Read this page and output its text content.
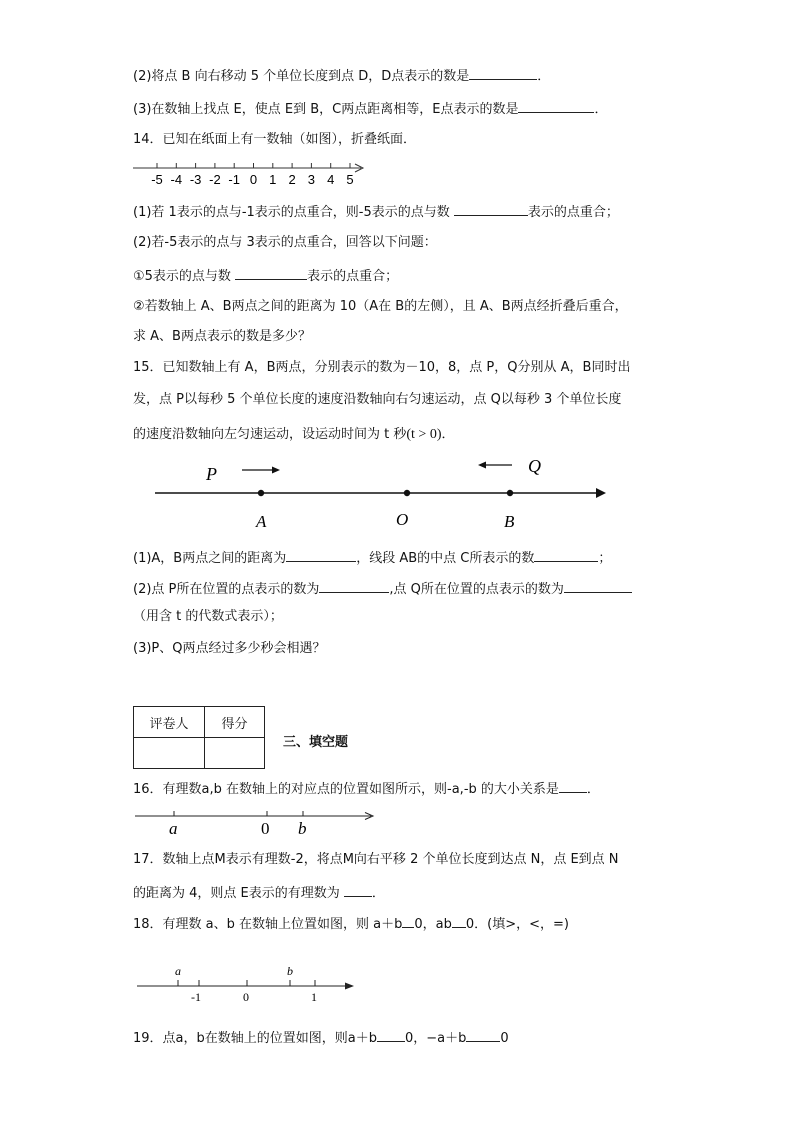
(2)将点 B 向右移动 5 个单位长度到点 D，D点表示的数是	．
(3)在数轴上找点 E，使点 E到 B，C两点距离相等，E点表示的数是	．
14．已知在纸面上有一数轴（如图），折叠纸面．
-5 -4 -3 -2 -1 0 1 2 3 4 5
(1)若 1表示的点与-1表示的点重合，则-5表示的点与数	表示的点重合；
(2)若-5表示的点与 3表示的点重合，回答以下问题：
①5表示的点与数	表示的点重合；
②若数轴上 A、B两点之间的距离为 10（A在 B的左侧），且 A、B两点经折叠后重合，
求 A、B两点表示的数是多少？
15．已知数轴上有 A，B两点，分别表示的数为－10，8，点 P，Q分别从 A，B同时出
发，点 P以每秒 5 个单位长度的速度沿数轴向右匀速运动，点 Q以每秒 3 个单位长度
的速度沿数轴向左匀速运动，设运动时间为 t 秒(t > 0)．
P	Q
A	O	B
(1)A，B两点之间的距离为	，线段 AB的中点 C所表示的数	；
(2)点 P所在位置的点表示的数为	,点 Q所在位置的点表示的数为
（用含 t 的代数式表示）；
(3)P、Q两点经过多少秒会相遇？
评卷人	得分

三、填空题
16．有理数a,b 在数轴上的对应点的位置如图所示，则-a,-b 的大小关系是 ．
a	0 b
17．数轴上点M表示有理数-2，将点M向右平移 2 个单位长度到达点 N，点 E到点 N
的距离为 4，则点 E表示的有理数为 ．
18．有理数 a、b 在数轴上位置如图，则 a＋b 0，ab 0．(填>，<，=)
a	b
-1	0	1
19．点a，b在数轴上的位置如图，则a＋b 0，−a＋b	0
